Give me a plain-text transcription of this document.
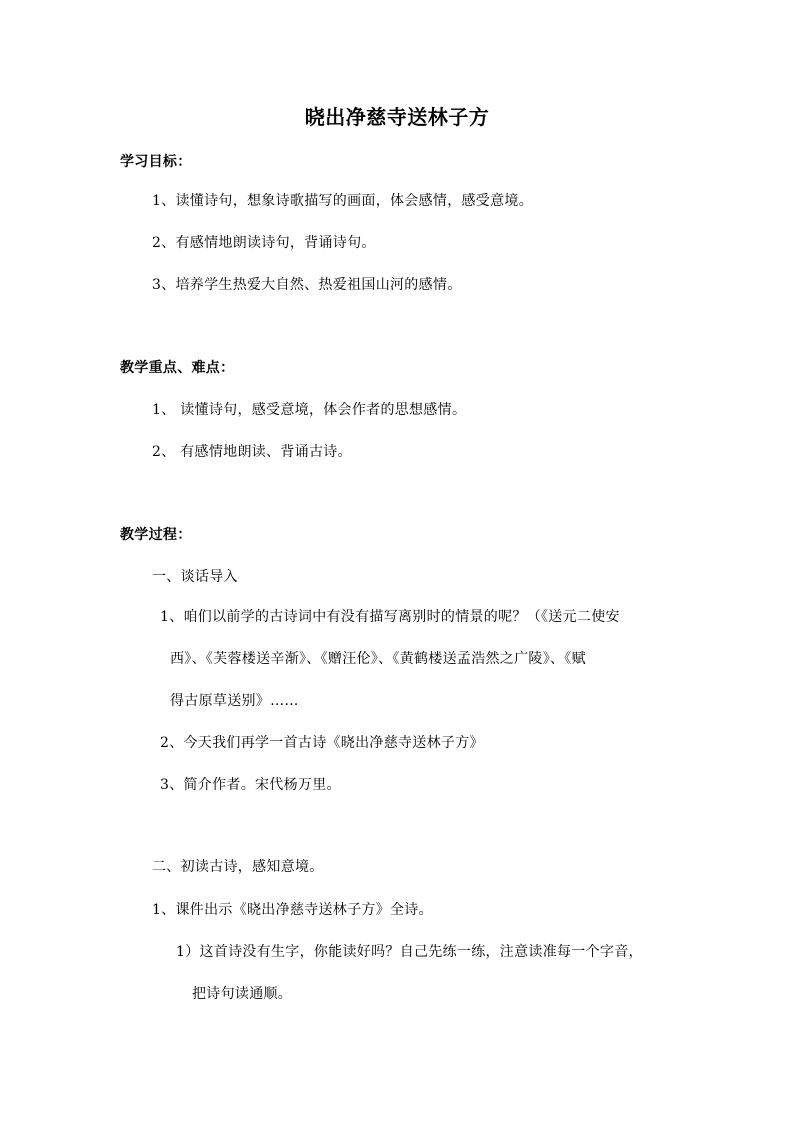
晓出净慈寺送林子方
学习目标：
1、读懂诗句，想象诗歌描写的画面，体会感情，感受意境。
2、有感情地朗读诗句，背诵诗句。
3、培养学生热爱大自然、热爱祖国山河的感情。
教学重点、难点：
1、 读懂诗句，感受意境，体会作者的思想感情。
2、 有感情地朗读、背诵古诗。
教学过程：
一、谈话导入
1、咱们以前学的古诗词中有没有描写离别时的情景的呢？（《送元二使安
西》、《芙蓉楼送辛渐》、《赠汪伦》、《黄鹤楼送孟浩然之广陵》、《赋
得古原草送别》……
2、今天我们再学一首古诗《晓出净慈寺送林子方》
3、简介作者。宋代杨万里。
二、初读古诗，感知意境。
1、课件出示《晓出净慈寺送林子方》全诗。
1）这首诗没有生字，你能读好吗？自己先练一练，注意读准每一个字音，
把诗句读通顺。
